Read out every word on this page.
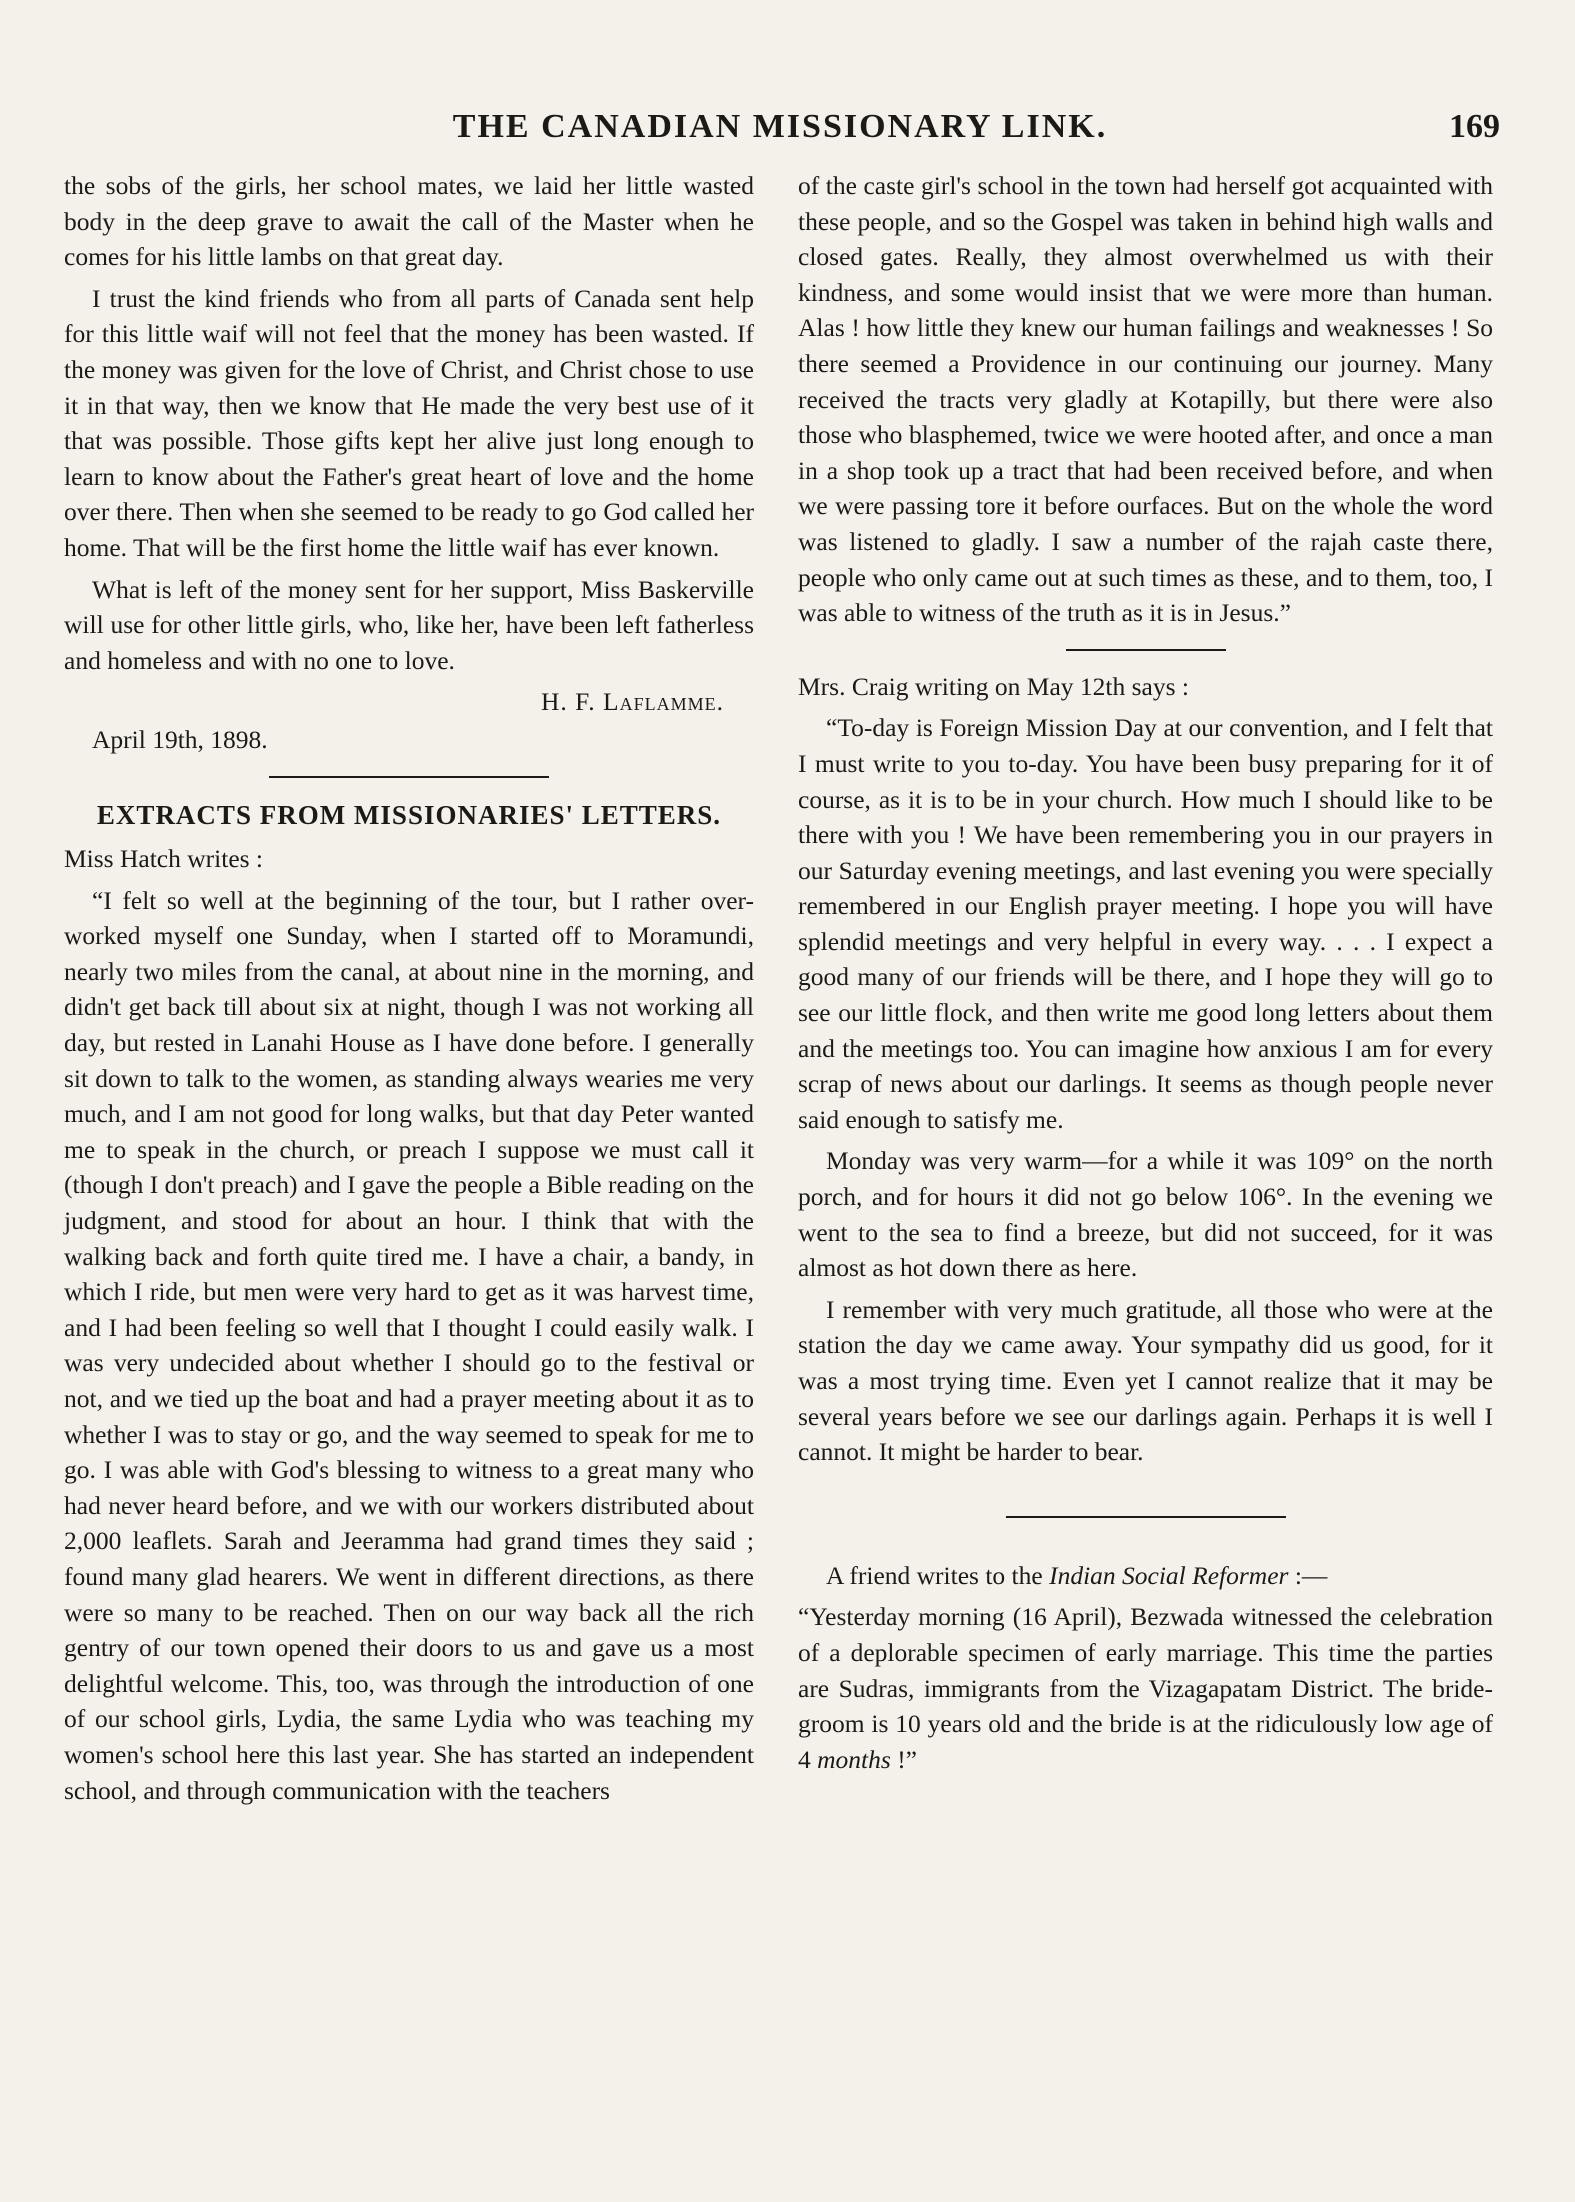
THE CANADIAN MISSIONARY LINK.	169

the sobs of the girls, her school mates, we laid her little wasted body in the deep grave to await the call of the Master when he comes for his little lambs on that great day.

I trust the kind friends who from all parts of Canada sent help for this little waif will not feel that the money has been wasted. If the money was given for the love of Christ, and Christ chose to use it in that way, then we know that He made the very best use of it that was possible. Those gifts kept her alive just long enough to learn to know about the Father's great heart of love and the home over there. Then when she seemed to be ready to go God called her home. That will be the first home the little waif has ever known.

What is left of the money sent for her support, Miss Baskerville will use for other little girls, who, like her, have been left fatherless and homeless and with no one to love.

H. F. Laflamme.
April 19th, 1898.
EXTRACTS FROM MISSIONARIES' LETTERS.

Miss Hatch writes :

“I felt so well at the beginning of the tour, but I rather over-worked myself one Sunday, when I started off to Moramundi, nearly two miles from the canal, at about nine in the morning, and didn't get back till about six at night, though I was not working all day, but rested in Lanahi House as I have done before. I generally sit down to talk to the women, as standing always wearies me very much, and I am not good for long walks, but that day Peter wanted me to speak in the church, or preach I suppose we must call it (though I don't preach) and I gave the people a Bible reading on the judgment, and stood for about an hour. I think that with the walking back and forth quite tired me. I have a chair, a bandy, in which I ride, but men were very hard to get as it was harvest time, and I had been feeling so well that I thought I could easily walk. I was very undecided about whether I should go to the festival or not, and we tied up the boat and had a prayer meeting about it as to whether I was to stay or go, and the way seemed to speak for me to go. I was able with God's blessing to witness to a great many who had never heard before, and we with our workers distributed about 2,000 leaflets. Sarah and Jeeramma had grand times they said ; found many glad hearers. We went in different directions, as there were so many to be reached. Then on our way back all the rich gentry of our town opened their doors to us and gave us a most delightful welcome. This, too, was through the introduction of one of our school girls, Lydia, the same Lydia who was teaching my women's school here this last year. She has started an independent school, and through communication with the teachers

of the caste girl's school in the town had herself got acquainted with these people, and so the Gospel was taken in behind high walls and closed gates. Really, they almost overwhelmed us with their kindness, and some would insist that we were more than human. Alas ! how little they knew our human failings and weaknesses ! So there seemed a Providence in our continuing our journey. Many received the tracts very gladly at Kotapilly, but there were also those who blasphemed, twice we were hooted after, and once a man in a shop took up a tract that had been received before, and when we were passing tore it before ourfaces. But on the whole the word was listened to gladly. I saw a number of the rajah caste there, people who only came out at such times as these, and to them, too, I was able to witness of the truth as it is in Jesus.”

Mrs. Craig writing on May 12th says :

“To-day is Foreign Mission Day at our convention, and I felt that I must write to you to-day. You have been busy preparing for it of course, as it is to be in your church. How much I should like to be there with you ! We have been remembering you in our prayers in our Saturday evening meetings, and last evening you were specially remembered in our English prayer meeting. I hope you will have splendid meetings and very helpful in every way. . . . I expect a good many of our friends will be there, and I hope they will go to see our little flock, and then write me good long letters about them and the meetings too. You can imagine how anxious I am for every scrap of news about our darlings. It seems as though people never said enough to satisfy me.

Monday was very warm—for a while it was 109° on the north porch, and for hours it did not go below 106°. In the evening we went to the sea to find a breeze, but did not succeed, for it was almost as hot down there as here.

I remember with very much gratitude, all those who were at the station the day we came away. Your sympathy did us good, for it was a most trying time. Even yet I cannot realize that it may be several years before we see our darlings again. Perhaps it is well I cannot. It might be harder to bear.

A friend writes to the Indian Social Reformer :—

“Yesterday morning (16 April), Bezwada witnessed the celebration of a deplorable specimen of early marriage. This time the parties are Sudras, immigrants from the Vizagapatam District. The bride-groom is 10 years old and the bride is at the ridiculously low age of 4 months !”
